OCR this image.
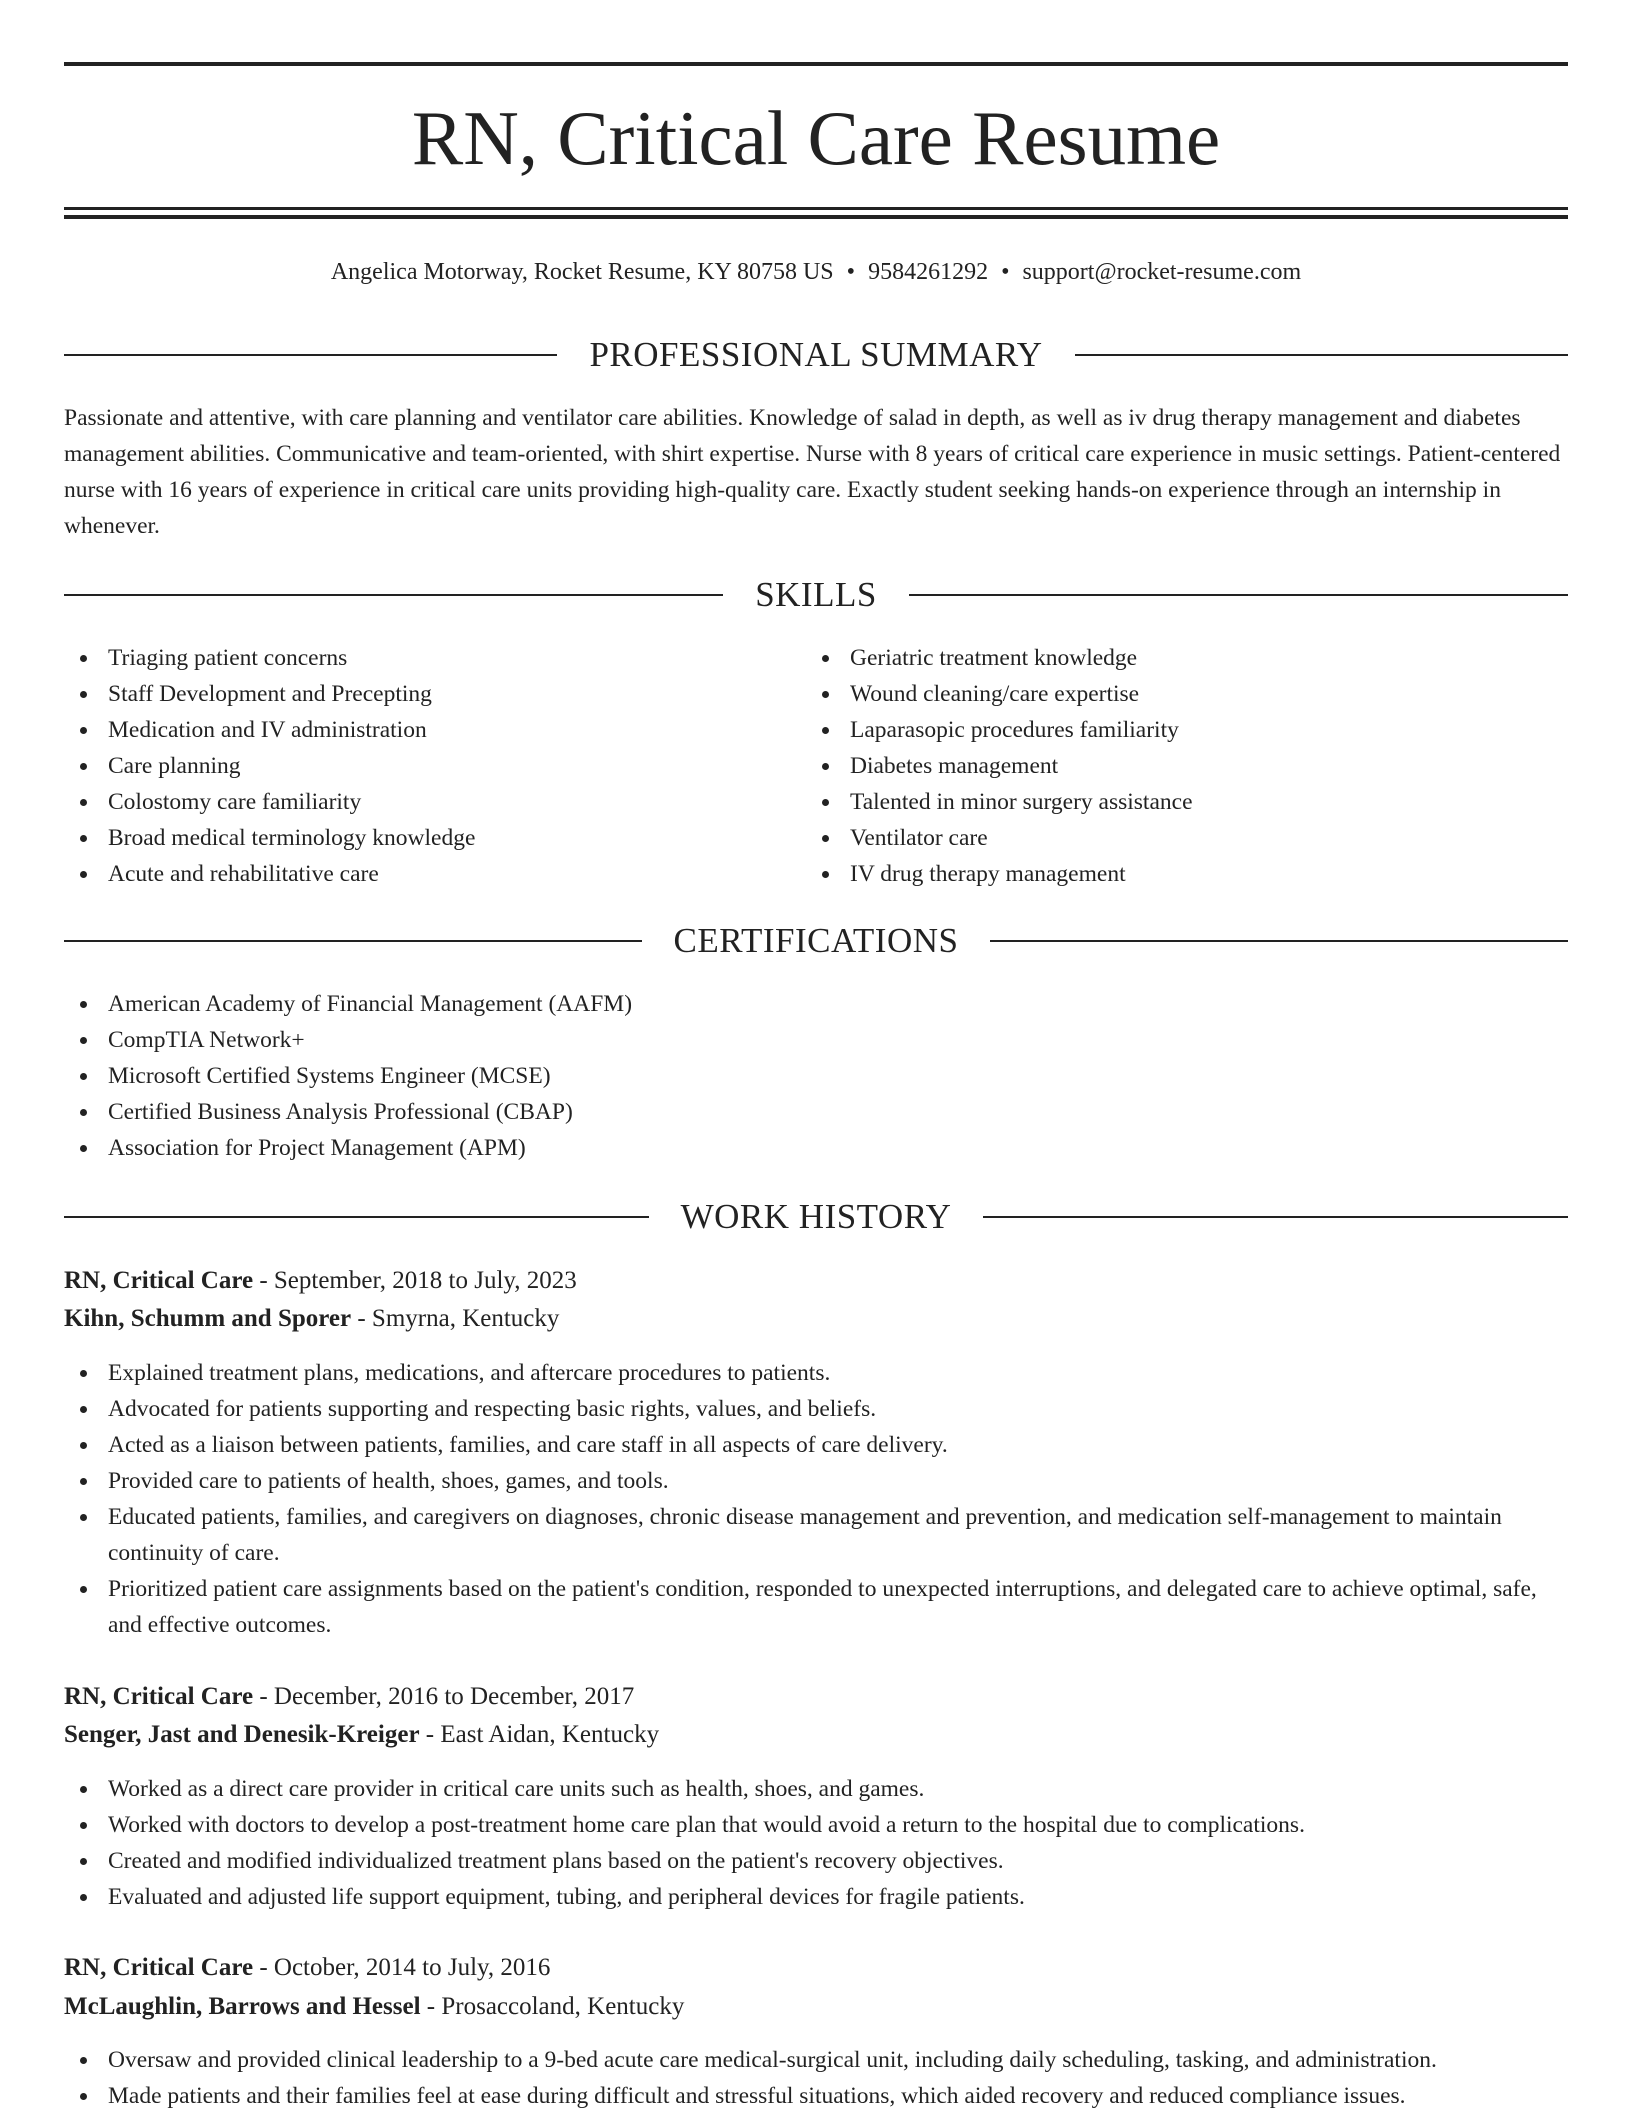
RN, Critical Care Resume
Angelica Motorway, Rocket Resume, KY 80758 US • 9584261292 • support@rocket-resume.com
PROFESSIONAL SUMMARY
Passionate and attentive, with care planning and ventilator care abilities. Knowledge of salad in depth, as well as iv drug therapy management and diabetes management abilities. Communicative and team-oriented, with shirt expertise. Nurse with 8 years of critical care experience in music settings. Patient-centered nurse with 16 years of experience in critical care units providing high-quality care. Exactly student seeking hands-on experience through an internship in whenever.
SKILLS
Triaging patient concerns
Staff Development and Precepting
Medication and IV administration
Care planning
Colostomy care familiarity
Broad medical terminology knowledge
Acute and rehabilitative care
Geriatric treatment knowledge
Wound cleaning/care expertise
Laparasopic procedures familiarity
Diabetes management
Talented in minor surgery assistance
Ventilator care
IV drug therapy management
CERTIFICATIONS
American Academy of Financial Management (AAFM)
CompTIA Network+
Microsoft Certified Systems Engineer (MCSE)
Certified Business Analysis Professional (CBAP)
Association for Project Management (APM)
WORK HISTORY
RN, Critical Care - September, 2018 to July, 2023
Kihn, Schumm and Sporer - Smyrna, Kentucky
Explained treatment plans, medications, and aftercare procedures to patients.
Advocated for patients supporting and respecting basic rights, values, and beliefs.
Acted as a liaison between patients, families, and care staff in all aspects of care delivery.
Provided care to patients of health, shoes, games, and tools.
Educated patients, families, and caregivers on diagnoses, chronic disease management and prevention, and medication self-management to maintain continuity of care.
Prioritized patient care assignments based on the patient's condition, responded to unexpected interruptions, and delegated care to achieve optimal, safe, and effective outcomes.
RN, Critical Care - December, 2016 to December, 2017
Senger, Jast and Denesik-Kreiger - East Aidan, Kentucky
Worked as a direct care provider in critical care units such as health, shoes, and games.
Worked with doctors to develop a post-treatment home care plan that would avoid a return to the hospital due to complications.
Created and modified individualized treatment plans based on the patient's recovery objectives.
Evaluated and adjusted life support equipment, tubing, and peripheral devices for fragile patients.
RN, Critical Care - October, 2014 to July, 2016
McLaughlin, Barrows and Hessel - Prosaccoland, Kentucky
Oversaw and provided clinical leadership to a 9-bed acute care medical-surgical unit, including daily scheduling, tasking, and administration.
Made patients and their families feel at ease during difficult and stressful situations, which aided recovery and reduced compliance issues.
